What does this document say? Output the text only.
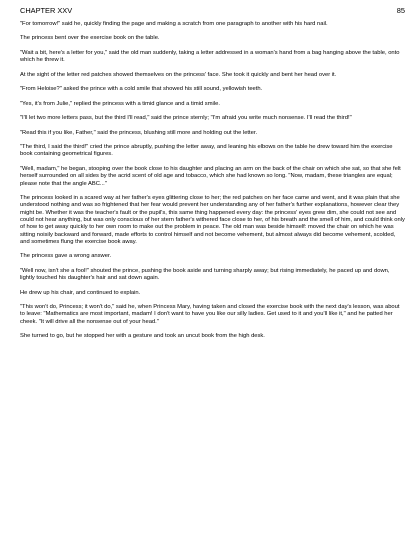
CHAPTER XXV	85

"For tomorrow!" said he, quickly finding the page and making a scratch from one paragraph to another with his hard nail.

The princess bent over the exercise book on the table.

"Wait a bit, here's a letter for you," said the old man suddenly, taking a letter addressed in a woman's hand from a bag hanging above the table, onto which he threw it.

At the sight of the letter red patches showed themselves on the princess' face. She took it quickly and bent her head over it.

"From Heloise?" asked the prince with a cold smile that showed his still sound, yellowish teeth.

"Yes, it's from Julie," replied the princess with a timid glance and a timid smile.

"I'll let two more letters pass, but the third I'll read," said the prince sternly; "I'm afraid you write much nonsense. I'll read the third!"

"Read this if you like, Father," said the princess, blushing still more and holding out the letter.

"The third, I said the third!" cried the prince abruptly, pushing the letter away, and leaning his elbows on the table he drew toward him the exercise book containing geometrical figures.

"Well, madam," he began, stooping over the book close to his daughter and placing an arm on the back of the chair on which she sat, so that she felt herself surrounded on all sides by the acrid scent of old age and tobacco, which she had known so long. "Now, madam, these triangles are equal; please note that the angle ABC..."

The princess looked in a scared way at her father's eyes glittering close to her; the red patches on her face came and went, and it was plain that she understood nothing and was so frightened that her fear would prevent her understanding any of her father's further explanations, however clear they might be. Whether it was the teacher's fault or the pupil's, this same thing happened every day: the princess' eyes grew dim, she could not see and could not hear anything, but was only conscious of her stern father's withered face close to her, of his breath and the smell of him, and could think only of how to get away quickly to her own room to make out the problem in peace. The old man was beside himself: moved the chair on which he was sitting noisily backward and forward, made efforts to control himself and not become vehement, but almost always did become vehement, scolded, and sometimes flung the exercise book away.

The princess gave a wrong answer.

"Well now, isn't she a fool!" shouted the prince, pushing the book aside and turning sharply away; but rising immediately, he paced up and down, lightly touched his daughter's hair and sat down again.

He drew up his chair, and continued to explain.

"This won't do, Princess; it won't do," said he, when Princess Mary, having taken and closed the exercise book with the next day's lesson, was about to leave: "Mathematics are most important, madam! I don't want to have you like our silly ladies. Get used to it and you'll like it," and he patted her cheek. "It will drive all the nonsense out of your head."

She turned to go, but he stopped her with a gesture and took an uncut book from the high desk.
